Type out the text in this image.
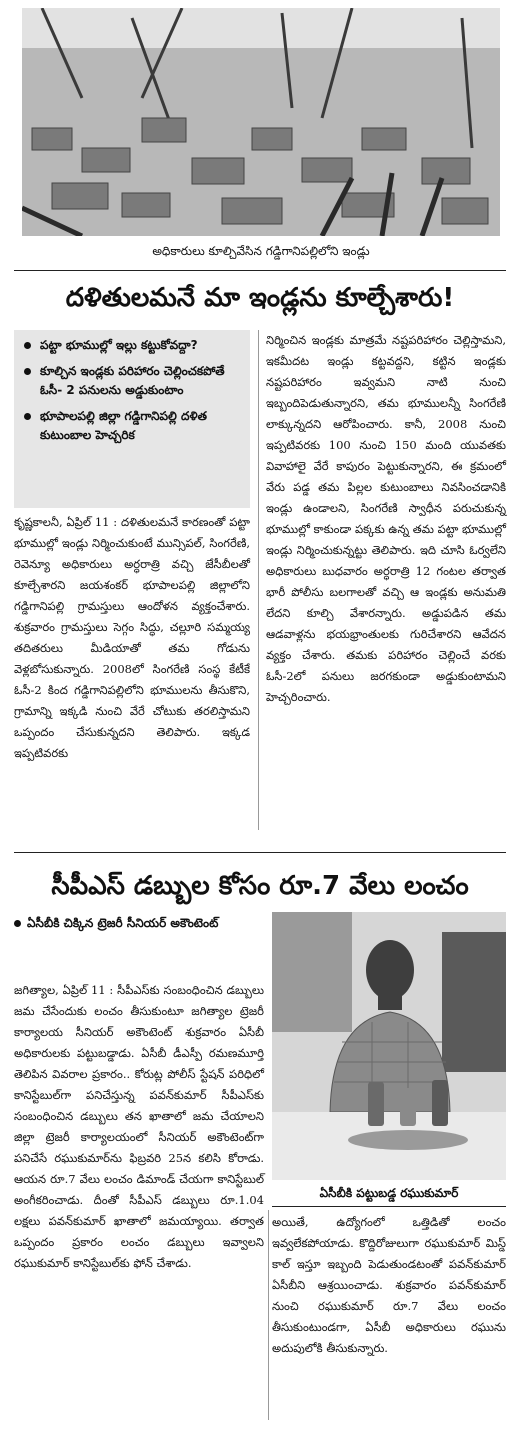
అధికారులు కూల్చివేసిన గడ్డిగానిపల్లిలోని ఇండ్లు
దళితులమనే మా ఇండ్లను కూల్చేశారు!
పట్టా భూముల్లో ఇల్లు కట్టుకోవద్దా?
కూల్చిన ఇండ్లకు పరిహారం చెల్లించకపోతే ఓసీ- 2 పనులను అడ్డుకుంటాం
భూపాలపల్లి జిల్లా గడ్డిగానిపల్లి దళిత కుటుంబాల హెచ్చరిక

కృష్ణకాలనీ, ఏప్రిల్ 11 : దళితులమనే కారణంతో పట్టా భూముల్లో ఇండ్లు నిర్మించుకుంటే మున్సిపల్, సింగరేణి, రెవెన్యూ అధికారులు అర్ధరాత్రి వచ్చి జేసీబీలతో కూల్చేశారని జయశంకర్ భూపాలపల్లి జిల్లాలోని గడ్డిగానిపల్లి గ్రామస్తులు ఆందోళన వ్యక్తంచేశారు. శుక్రవారం గ్రామస్తులు సెగ్గం సిద్ధు, చల్లూరి సమ్మయ్య తదితరులు మీడియాతో తమ గోడును వెళ్లబోసుకున్నారు. 2008లో సింగరేణి సంస్థ కేటీకే ఓసీ-2 కింద గడ్డిగానిపల్లిలోని భూములను తీసుకొని, గ్రామాన్ని ఇక్కడి నుంచి వేరే చోటుకు తరలిస్తామని ఒప్పందం చేసుకున్నదని తెలిపారు. ఇక్కడ ఇప్పటివరకు

నిర్మించిన ఇండ్లకు మాత్రమే నష్టపరిహారం చెల్లిస్తామని, ఇకమీదట ఇండ్లు కట్టవద్దని, కట్టిన ఇండ్లకు నష్టపరిహారం ఇవ్వమని నాటి నుంచి ఇబ్బందిపెడుతున్నారని, తమ భూములన్నీ సింగరేణి లాక్కున్నదని ఆరోపించారు. కానీ, 2008 నుంచి ఇప్పటివరకు 100 నుంచి 150 మంది యువతకు వివాహాలై వేరే కాపురం పెట్టుకున్నారని, ఈ క్రమంలో వేరు పడ్డ తమ పిల్లల కుటుంబాలు నివసించడానికి ఇండ్లు ఉండాలని, సింగరేణి స్వాధీన పరుచుకున్న భూముల్లో కాకుండా పక్కకు ఉన్న తమ పట్టా భూముల్లో ఇండ్లు నిర్మించుకున్నట్టు తెలిపారు. ఇది చూసి ఓర్వలేని అధికారులు బుధవారం అర్ధరాత్రి 12 గంటల తర్వాత భారీ పోలీసు బలగాలతో వచ్చి ఆ ఇండ్లకు అనుమతి లేదని కూల్చి వేశారన్నారు. అడ్డుపడిన తమ ఆడవాళ్లను భయభ్రాంతులకు గురిచేశారని ఆవేదన వ్యక్తం చేశారు. తమకు పరిహారం చెల్లించే వరకు ఓసీ-2లో పనులు జరగకుండా అడ్డుకుంటామని హెచ్చరించారు.

సీపీఎస్ డబ్బుల కోసం రూ.7 వేలు లంచం
ఏసీబీకి చిక్కిన ట్రెజరీ సీనియర్ అకౌంటెంట్

జగిత్యాల, ఏప్రిల్ 11 : సీపీఎస్‌కు సంబంధించిన డబ్బులు జమ చేసేందుకు లంచం తీసుకుంటూ జగిత్యాల ట్రెజరీ కార్యాలయ సీనియర్ అకౌంటెంట్ శుక్రవారం ఏసీబీ అధికారులకు పట్టుబడ్డాడు. ఏసీబీ డీఎస్పీ రమణమూర్తి తెలిపిన వివరాల ప్రకారం.. కోరుట్ల పోలీస్ స్టేషన్ పరిధిలో కానిస్టేబుల్‌గా పనిచేస్తున్న పవన్‌కుమార్ సీపీఎస్‌కు సంబంధించిన డబ్బులు తన ఖాతాలో జమ చేయాలని జిల్లా ట్రెజరీ కార్యాలయంలో సీనియర్ అకౌంటెంట్‌గా పనిచేసే రఘుకుమార్‌ను ఫిబ్రవరి 25న కలిసి కోరాడు. ఆయన రూ.7 వేలు లంచం డిమాండ్ చేయగా కానిస్టేబుల్ అంగీకరించాడు. దీంతో సీపీఎస్ డబ్బులు రూ.1.04 లక్షలు పవన్‌కుమార్ ఖాతాలో జమయ్యాయి. తర్వాత ఒప్పందం ప్రకారం లంచం డబ్బులు ఇవ్వాలని రఘుకుమార్ కానిస్టేబుల్‌కు ఫోన్ చేశాడు.

ఏసీబీకి పట్టుబడ్డ రఘుకుమార్

అయితే, ఉద్యోగంలో ఒత్తిడితో లంచం ఇవ్వలేకపోయాడు. కొద్దిరోజులుగా రఘుకుమార్ మిస్డ్ కాల్ ఇస్తూ ఇబ్బంది పెడుతుండటంతో పవన్‌కుమార్ ఏసీబీని ఆశ్రయించాడు. శుక్రవారం పవన్‌కుమార్ నుంచి రఘుకుమార్ రూ.7 వేలు లంచం తీసుకుంటుండగా, ఏసీబీ అధికారులు రఘును అదుపులోకి తీసుకున్నారు.
